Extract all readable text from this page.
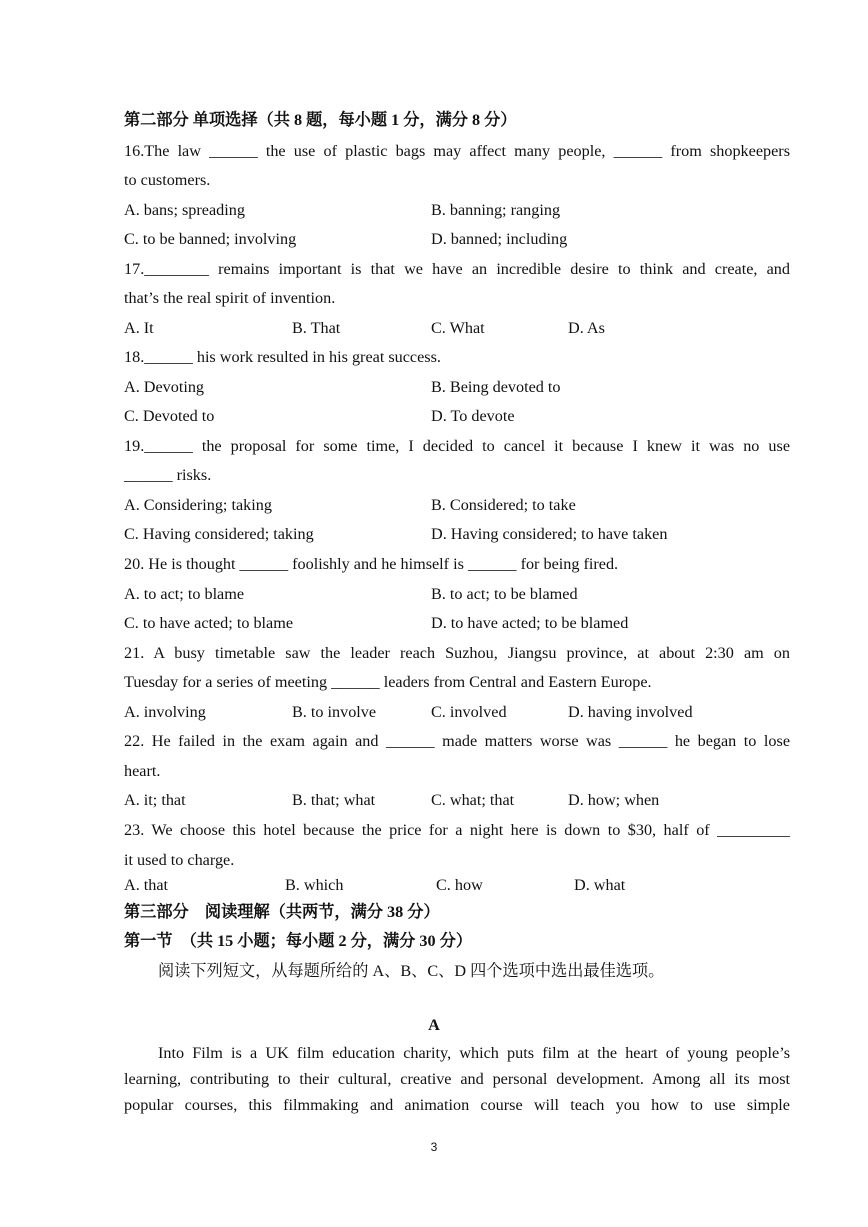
第二部分 单项选择（共 8 题，每小题 1 分，满分 8 分）
16.The law ______ the use of plastic bags may affect many people, ______ from shopkeepers
to customers.
A. bans; spreading	B. banning; ranging
C. to be banned; involving	D. banned; including
17.________ remains important is that we have an incredible desire to think and create, and
that’s the real spirit of invention.
A. It	B. That	C. What	D. As
18.______ his work resulted in his great success.
A. Devoting	B. Being devoted to
C. Devoted to	D. To devote
19.______ the proposal for some time, I decided to cancel it because I knew it was no use
______ risks.
A. Considering; taking	B. Considered; to take
C. Having considered; taking	D. Having considered; to have taken
20. He is thought ______ foolishly and he himself is ______ for being fired.
A. to act; to blame	B. to act; to be blamed
C. to have acted; to blame	D. to have acted; to be blamed
21. A busy timetable saw the leader reach Suzhou, Jiangsu province, at about 2:30 am on
Tuesday for a series of meeting ______ leaders from Central and Eastern Europe.
A. involving	B. to involve	C. involved	D. having involved
22. He failed in the exam again and ______ made matters worse was ______ he began to lose
heart.
A. it; that	B. that; what	C. what; that	D. how; when
23. We choose this hotel because the price for a night here is down to $30, half of _________
it used to charge.
A. that	B. which	C. how	D. what
第三部分　阅读理解（共两节，满分 38 分）
第一节　（共 15 小题；每小题 2 分，满分 30 分）
阅读下列短文，从每题所给的 A、B、C、D 四个选项中选出最佳选项。
A
Into Film is a UK film education charity, which puts film at the heart of young people’s
learning, contributing to their cultural, creative and personal development. Among all its most
popular courses, this filmmaking and animation course will teach you how to use simple
3
